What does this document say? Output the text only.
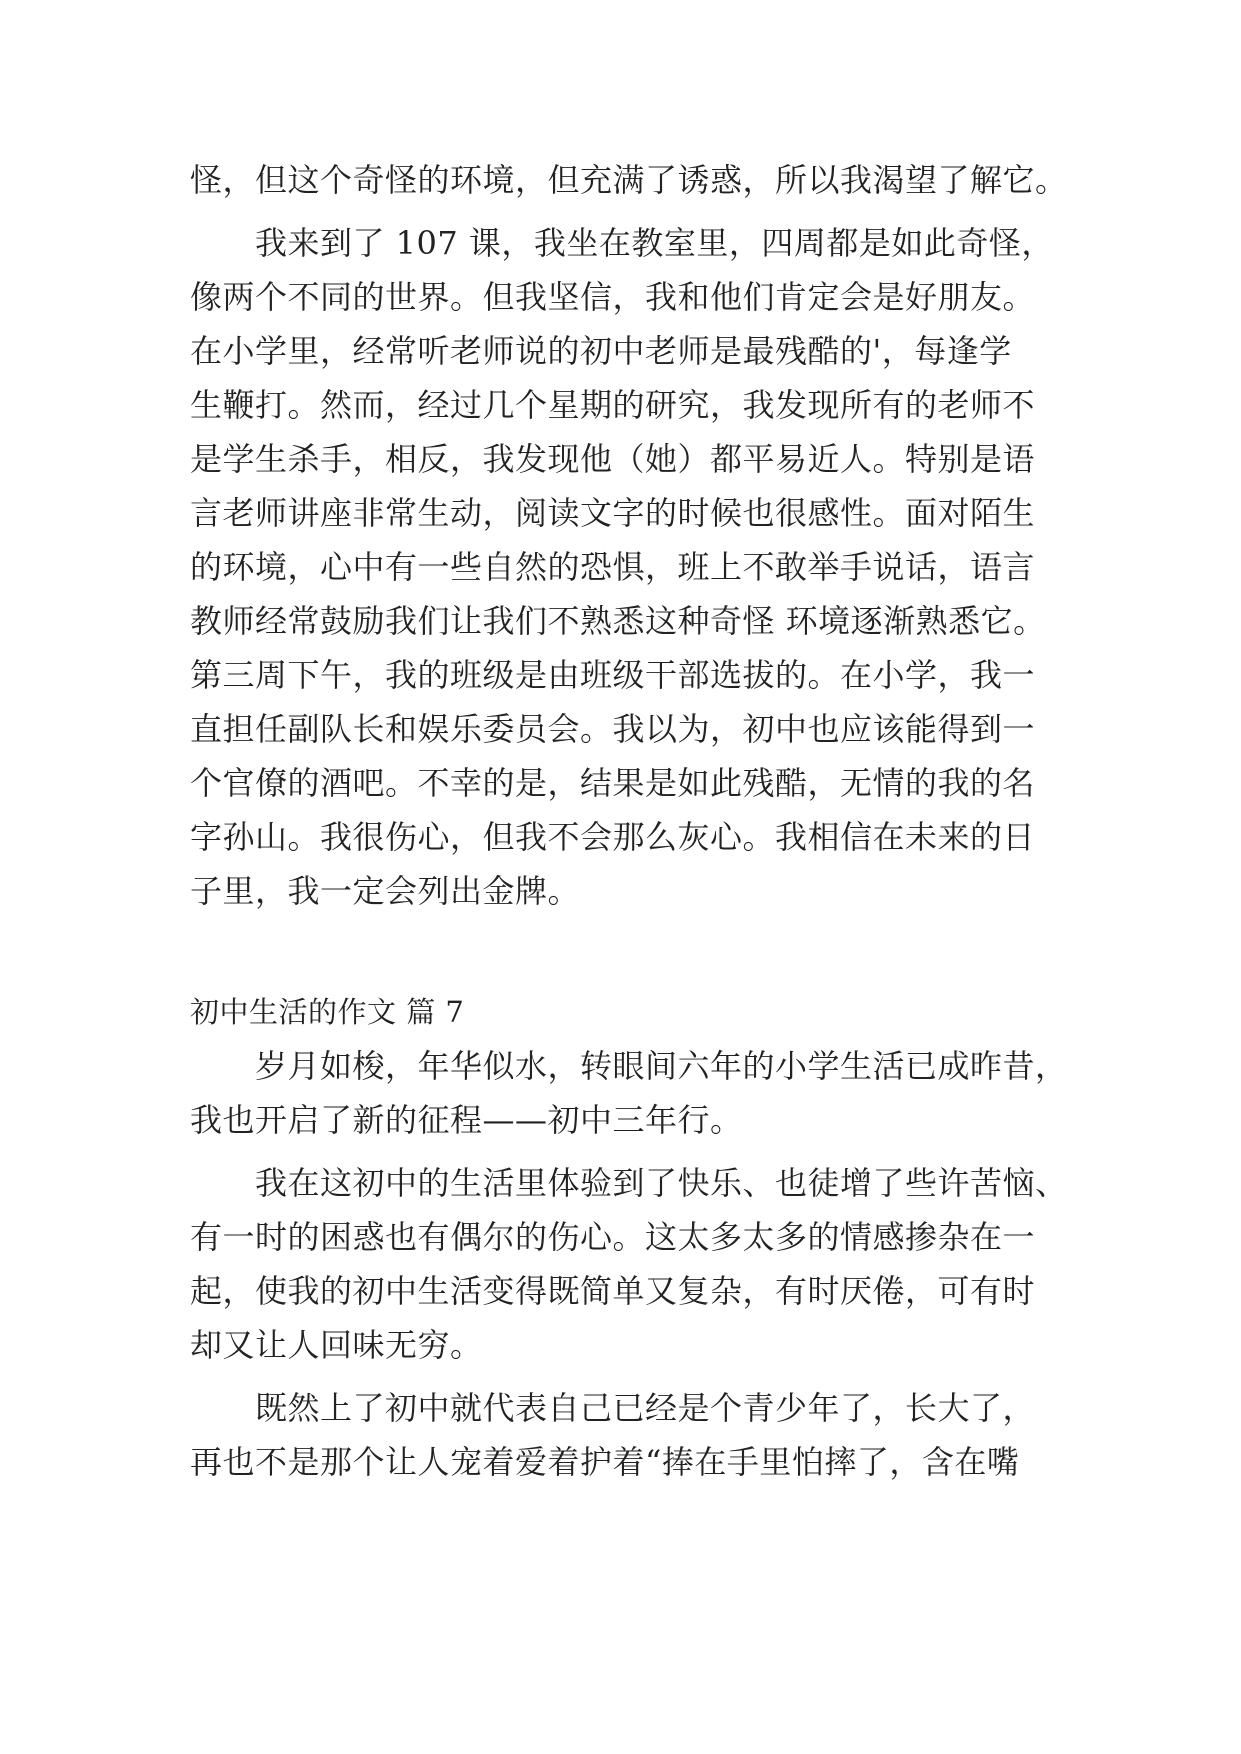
怪，但这个奇怪的环境，但充满了诱惑，所以我渴望了解它。
我来到了 107 课，我坐在教室里，四周都是如此奇怪，
像两个不同的世界。但我坚信，我和他们肯定会是好朋友。
在小学里，经常听老师说的初中老师是最残酷的'，每逢学
生鞭打。然而，经过几个星期的研究，我发现所有的老师不
是学生杀手，相反，我发现他（她）都平易近人。特别是语
言老师讲座非常生动，阅读文字的时候也很感性。面对陌生
的环境，心中有一些自然的恐惧，班上不敢举手说话，语言
教师经常鼓励我们让我们不熟悉这种奇怪 环境逐渐熟悉它。
第三周下午，我的班级是由班级干部选拔的。在小学，我一
直担任副队长和娱乐委员会。我以为，初中也应该能得到一
个官僚的酒吧。不幸的是，结果是如此残酷，无情的我的名
字孙山。我很伤心，但我不会那么灰心。我相信在未来的日
子里，我一定会列出金牌。
初中生活的作文 篇 7
岁月如梭，年华似水，转眼间六年的小学生活已成昨昔，
我也开启了新的征程——初中三年行。
我在这初中的生活里体验到了快乐、也徒增了些许苦恼、
有一时的困惑也有偶尔的伤心。这太多太多的情感掺杂在一
起，使我的初中生活变得既简单又复杂，有时厌倦，可有时
却又让人回味无穷。
既然上了初中就代表自己已经是个青少年了，长大了，
再也不是那个让人宠着爱着护着“捧在手里怕摔了，含在嘴
